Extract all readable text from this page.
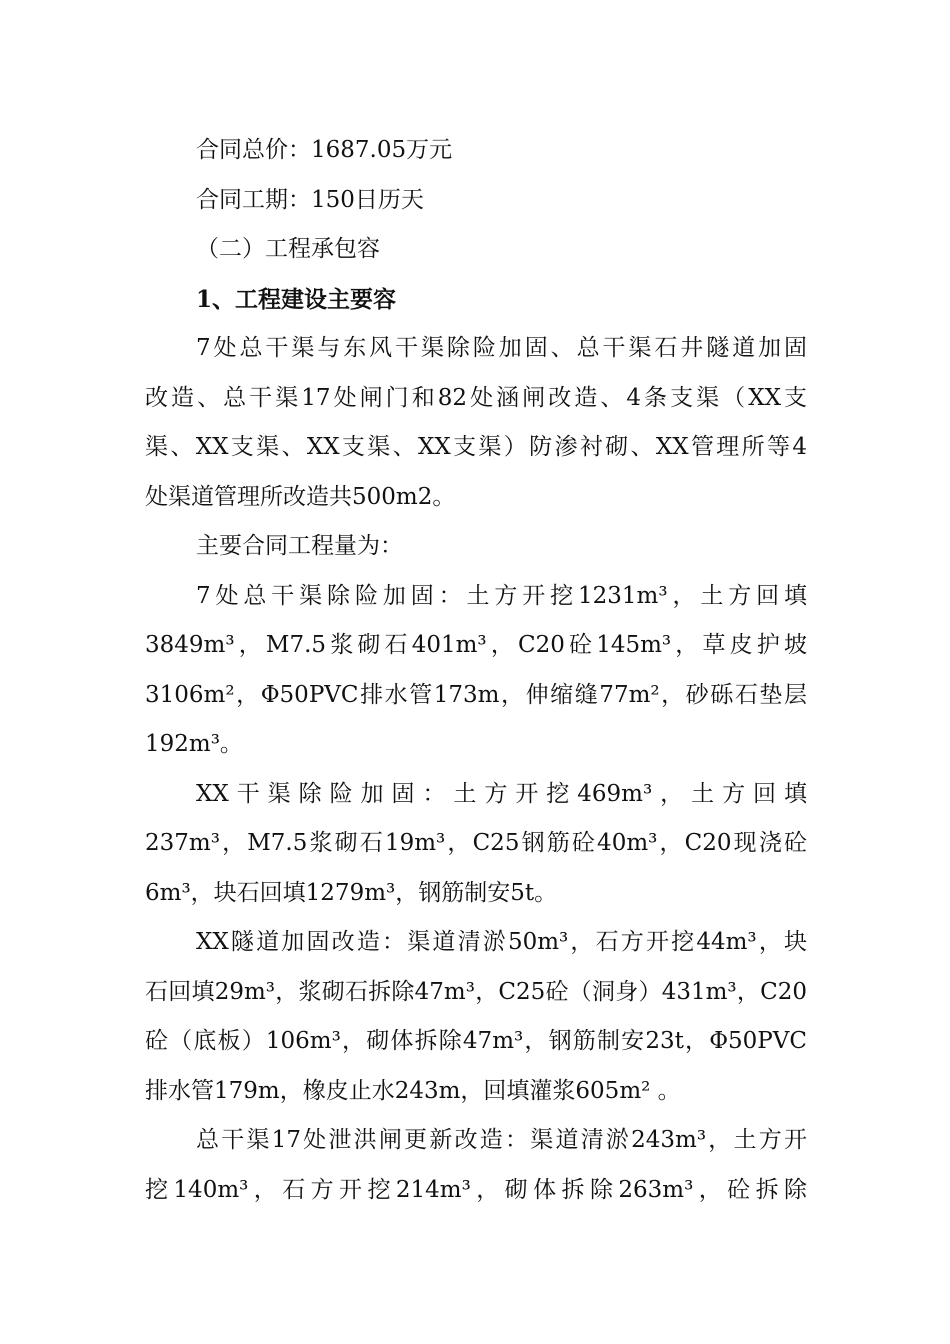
合同总价：1687.05万元
合同工期：150日历天
（二）工程承包容
1、工程建设主要容
7处总干渠与东风干渠除险加固、总干渠石井隧道加固
改造、总干渠17处闸门和82处涵闸改造、4条支渠（XX支
渠、XX支渠、XX支渠、XX支渠）防渗衬砌、XX管理所等4
处渠道管理所改造共500m2。
主要合同工程量为：
7处总干渠除险加固：土方开挖1231m³，土方回填
3849m³，M7.5浆砌石401m³，C20砼145m³，草皮护坡
3106m²，Φ50PVC排水管173m，伸缩缝77m²，砂砾石垫层
192m³。
XX干渠除险加固：土方开挖469m³，土方回填
237m³，M7.5浆砌石19m³，C25钢筋砼40m³，C20现浇砼
6m³，块石回填1279m³，钢筋制安5t。
XX隧道加固改造：渠道清淤50m³，石方开挖44m³，块
石回填29m³，浆砌石拆除47m³，C25砼（洞身）431m³，C20
砼（底板）106m³，砌体拆除47m³，钢筋制安23t，Φ50PVC
排水管179m，橡皮止水243m，回填灌浆605m² 。
总干渠17处泄洪闸更新改造：渠道清淤243m³，土方开
挖140m³，石方开挖214m³，砌体拆除263m³，砼拆除
